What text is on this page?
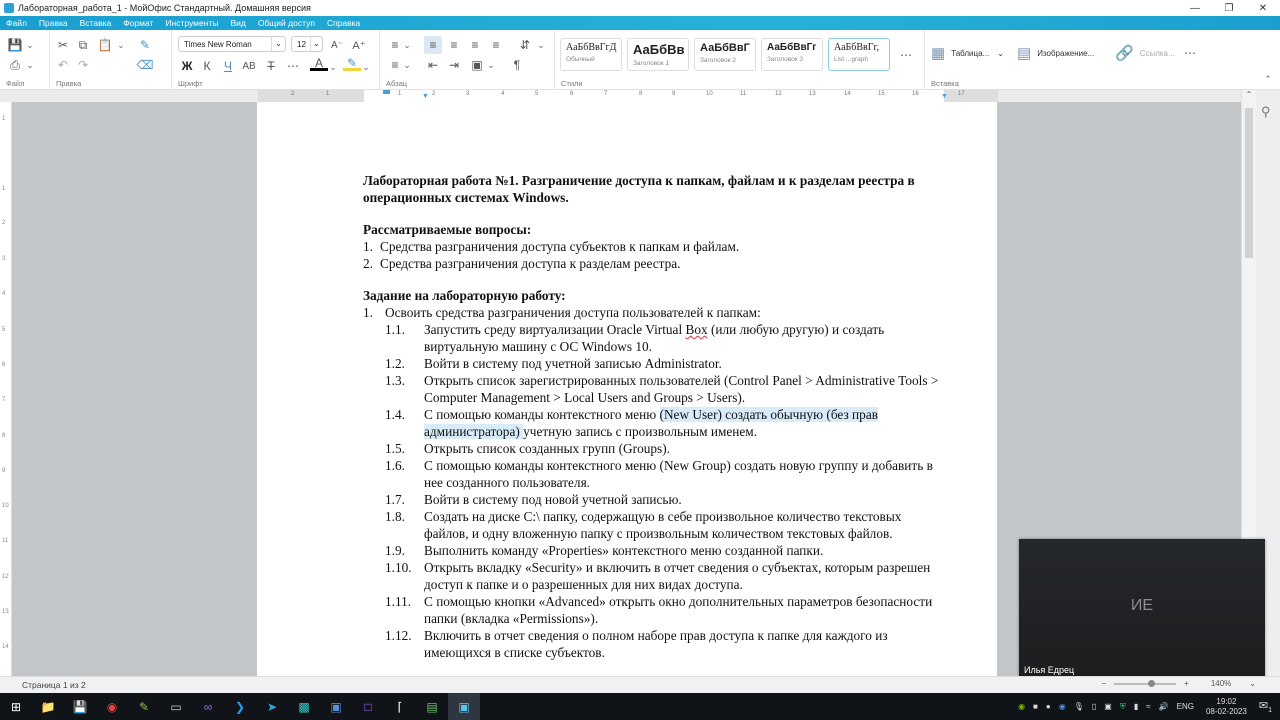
Лабораторная_работа_1 - МойОфис Стандартный. Домашняя версия	—	❐	✕
Файл	Правка	Вставка	Формат	Инструменты	Вид	Общий доступ	Справка
💾 ⌄
⎙ ⌄
Файл
✂ ⧉ 📋 ⌄
↶ ↷
✎
⌫
Правка	Шрифт
Times New Roman	⌄	12 ⌄	A⁻ A⁺
Ж К	Ч	АВ Т	⋯	A ⌄ ✎ ⌄
≡ ⌄
≡ ⌄
≡	≡	≡	≡	⇵ ⌄
⇤ ⇥	▣ ⌄	¶
Абзац
АаБбВвГгД
Обычный
АаБбВв
Заголовок 1
АаБбВвГ
Заголовок 2
АаБбВвГг
Заголовок 3
АаБбВвГг,
List ...graph	⋯
Стили
▦ Таблица... ⌄ ▤ Изображение... 🔗 Ссылка... ⋯
⌃
Вставка
2	1	1	2	3	4	5	6	7	8	9	10	11	12	13	14	15	16	17
▼	▼
1
1
2
3
4
5
6
7
8
9
10
11
12
13
14
Лабораторная работа №1. Разграничение доступа к папкам, файлам и к разделам реестра в операционных системах Windows.
Рассматриваемые вопросы:
1. Средства разграничения доступа субъектов к папкам и файлам.
2. Средства разграничения доступа к разделам реестра.
Задание на лабораторную работу:
1. Освоить средства разграничения доступа пользователей к папкам:
1.1.	Запустить среду виртуализации Oracle Virtual Box (или любую другую) и создать виртуальную машину с ОС Windows 10.
1.2.	Войти в систему под учетной записью Administrator.
1.3.	Открыть список зарегистрированных пользователей (Control Panel > Administrative Tools > Computer Management > Local Users and Groups > Users).
1.4.	С помощью команды контекстного меню (New User) создать обычную (без прав администратора) учетную запись с произвольным именем.
1.5.	Открыть список созданных групп (Groups).
1.6.	С помощью команды контекстного меню (New Group) создать новую группу и добавить в нее созданного пользователя.
1.7.	Войти в систему под новой учетной записью.
1.8.	Создать на диске C:\ папку, содержащую в себе произвольное количество текстовых файлов, и одну вложенную папку с произвольным количеством текстовых файлов.
1.9.	Выполнить команду «Properties» контекстного меню созданной папки.
1.10. Открыть вкладку «Security» и включить в отчет сведения о субъектах, которым разрешен доступ к папке и о разрешенных для них видах доступа.
1.11. С помощью кнопки «Advanced» открыть окно дополнительных параметров безопасности папки (вкладка «Permissions»).
1.12. Включить в отчет сведения о полном наборе прав доступа к папке для каждого из имеющихся в списке субъектов.
⌃
⚲
ИЕ
Илья Едрец
Страница 1 из 2	−	+	140% ⌄
⊞	📁	💾	◉	✎	▭	∞	❯	➤	▩	▣	□	⌈	▤	▣	◉ ■ ● ◉ 🎙 ▯ ▣ ⛨ ▮ ≈ 🔊 ENG
19:02
08-02-2023 $✉_1$
